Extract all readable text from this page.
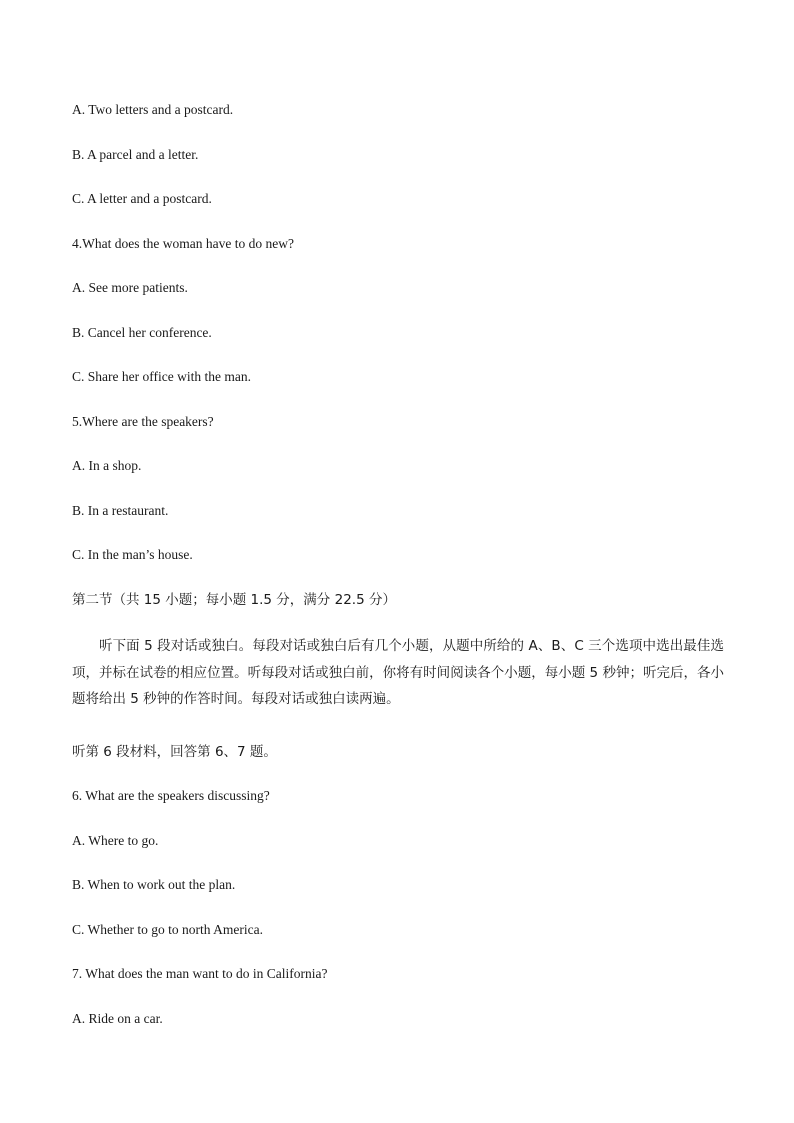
A. Two letters and a postcard.

B. A parcel and a letter.

C. A letter and a postcard.

4.What does the woman have to do new?

A. See more patients.

B. Cancel her conference.

C. Share her office with the man.

5.Where are the speakers?

A. In a shop.

B. In a restaurant.

C. In the man’s house.

第二节（共 15 小题；每小题 1.5 分，满分 22.5 分）

听下面 5 段对话或独白。每段对话或独白后有几个小题，从题中所给的 A、B、C 三个选项中选出最佳选项，并标在试卷的相应位置。听每段对话或独白前，你将有时间阅读各个小题，每小题 5 秒钟；听完后，各小题将给出 5 秒钟的作答时间。每段对话或独白读两遍。

听第 6 段材料，回答第 6、7 题。

6. What are the speakers discussing?

A. Where to go.

B. When to work out the plan.

C. Whether to go to north America.

7. What does the man want to do in California?

A. Ride on a car.
